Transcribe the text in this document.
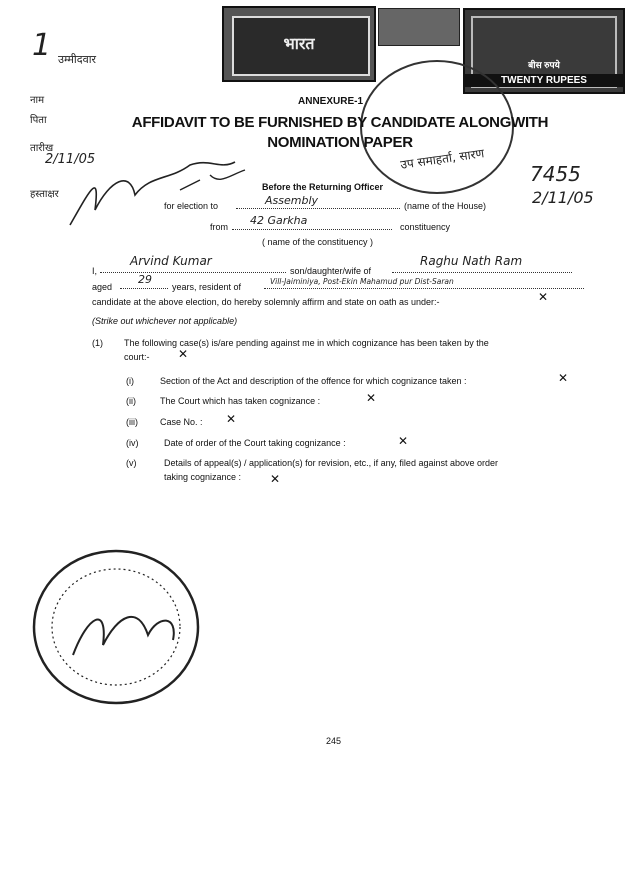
भारत
बीस रुपये
TWENTY RUPEES
उप समाहर्ता, सारण
1 उम्मीदवार
नाम
पिता
तारीख
2/11/05
हस्ताक्षर
ANNEXURE-1
AFFIDAVIT TO BE FURNISHED BY CANDIDATE ALONGWITH
NOMINATION PAPER
7455
2/11/05
Before the Returning Officer
for election to	Assembly	(name of the House)
from 42 Garkha	constituency
( name of the constituency )
I,
Arvind Kumar
son/daughter/wife of
Raghu Nath Ram
aged
29
years, resident of
Vill-Jaiminiya, Post-Ekin Mahamud pur Dist-Saran
candidate at the above election, do hereby solemnly affirm and state on oath as under:-	✕
(Strike out whichever not applicable)
(1) The following case(s) is/are pending against me in which cognizance has been taken by the
court:- ✕
(i)	Section of the Act and description of the offence for which cognizance taken :	✕
(ii)	The Court which has taken cognizance :	✕
(iii) Case No. : ✕
(iv)	Date of order of the Court taking cognizance :	✕
(v)	Details of appeal(s) / application(s) for revision, etc., if any, filed against above order
taking cognizance : ✕
245
